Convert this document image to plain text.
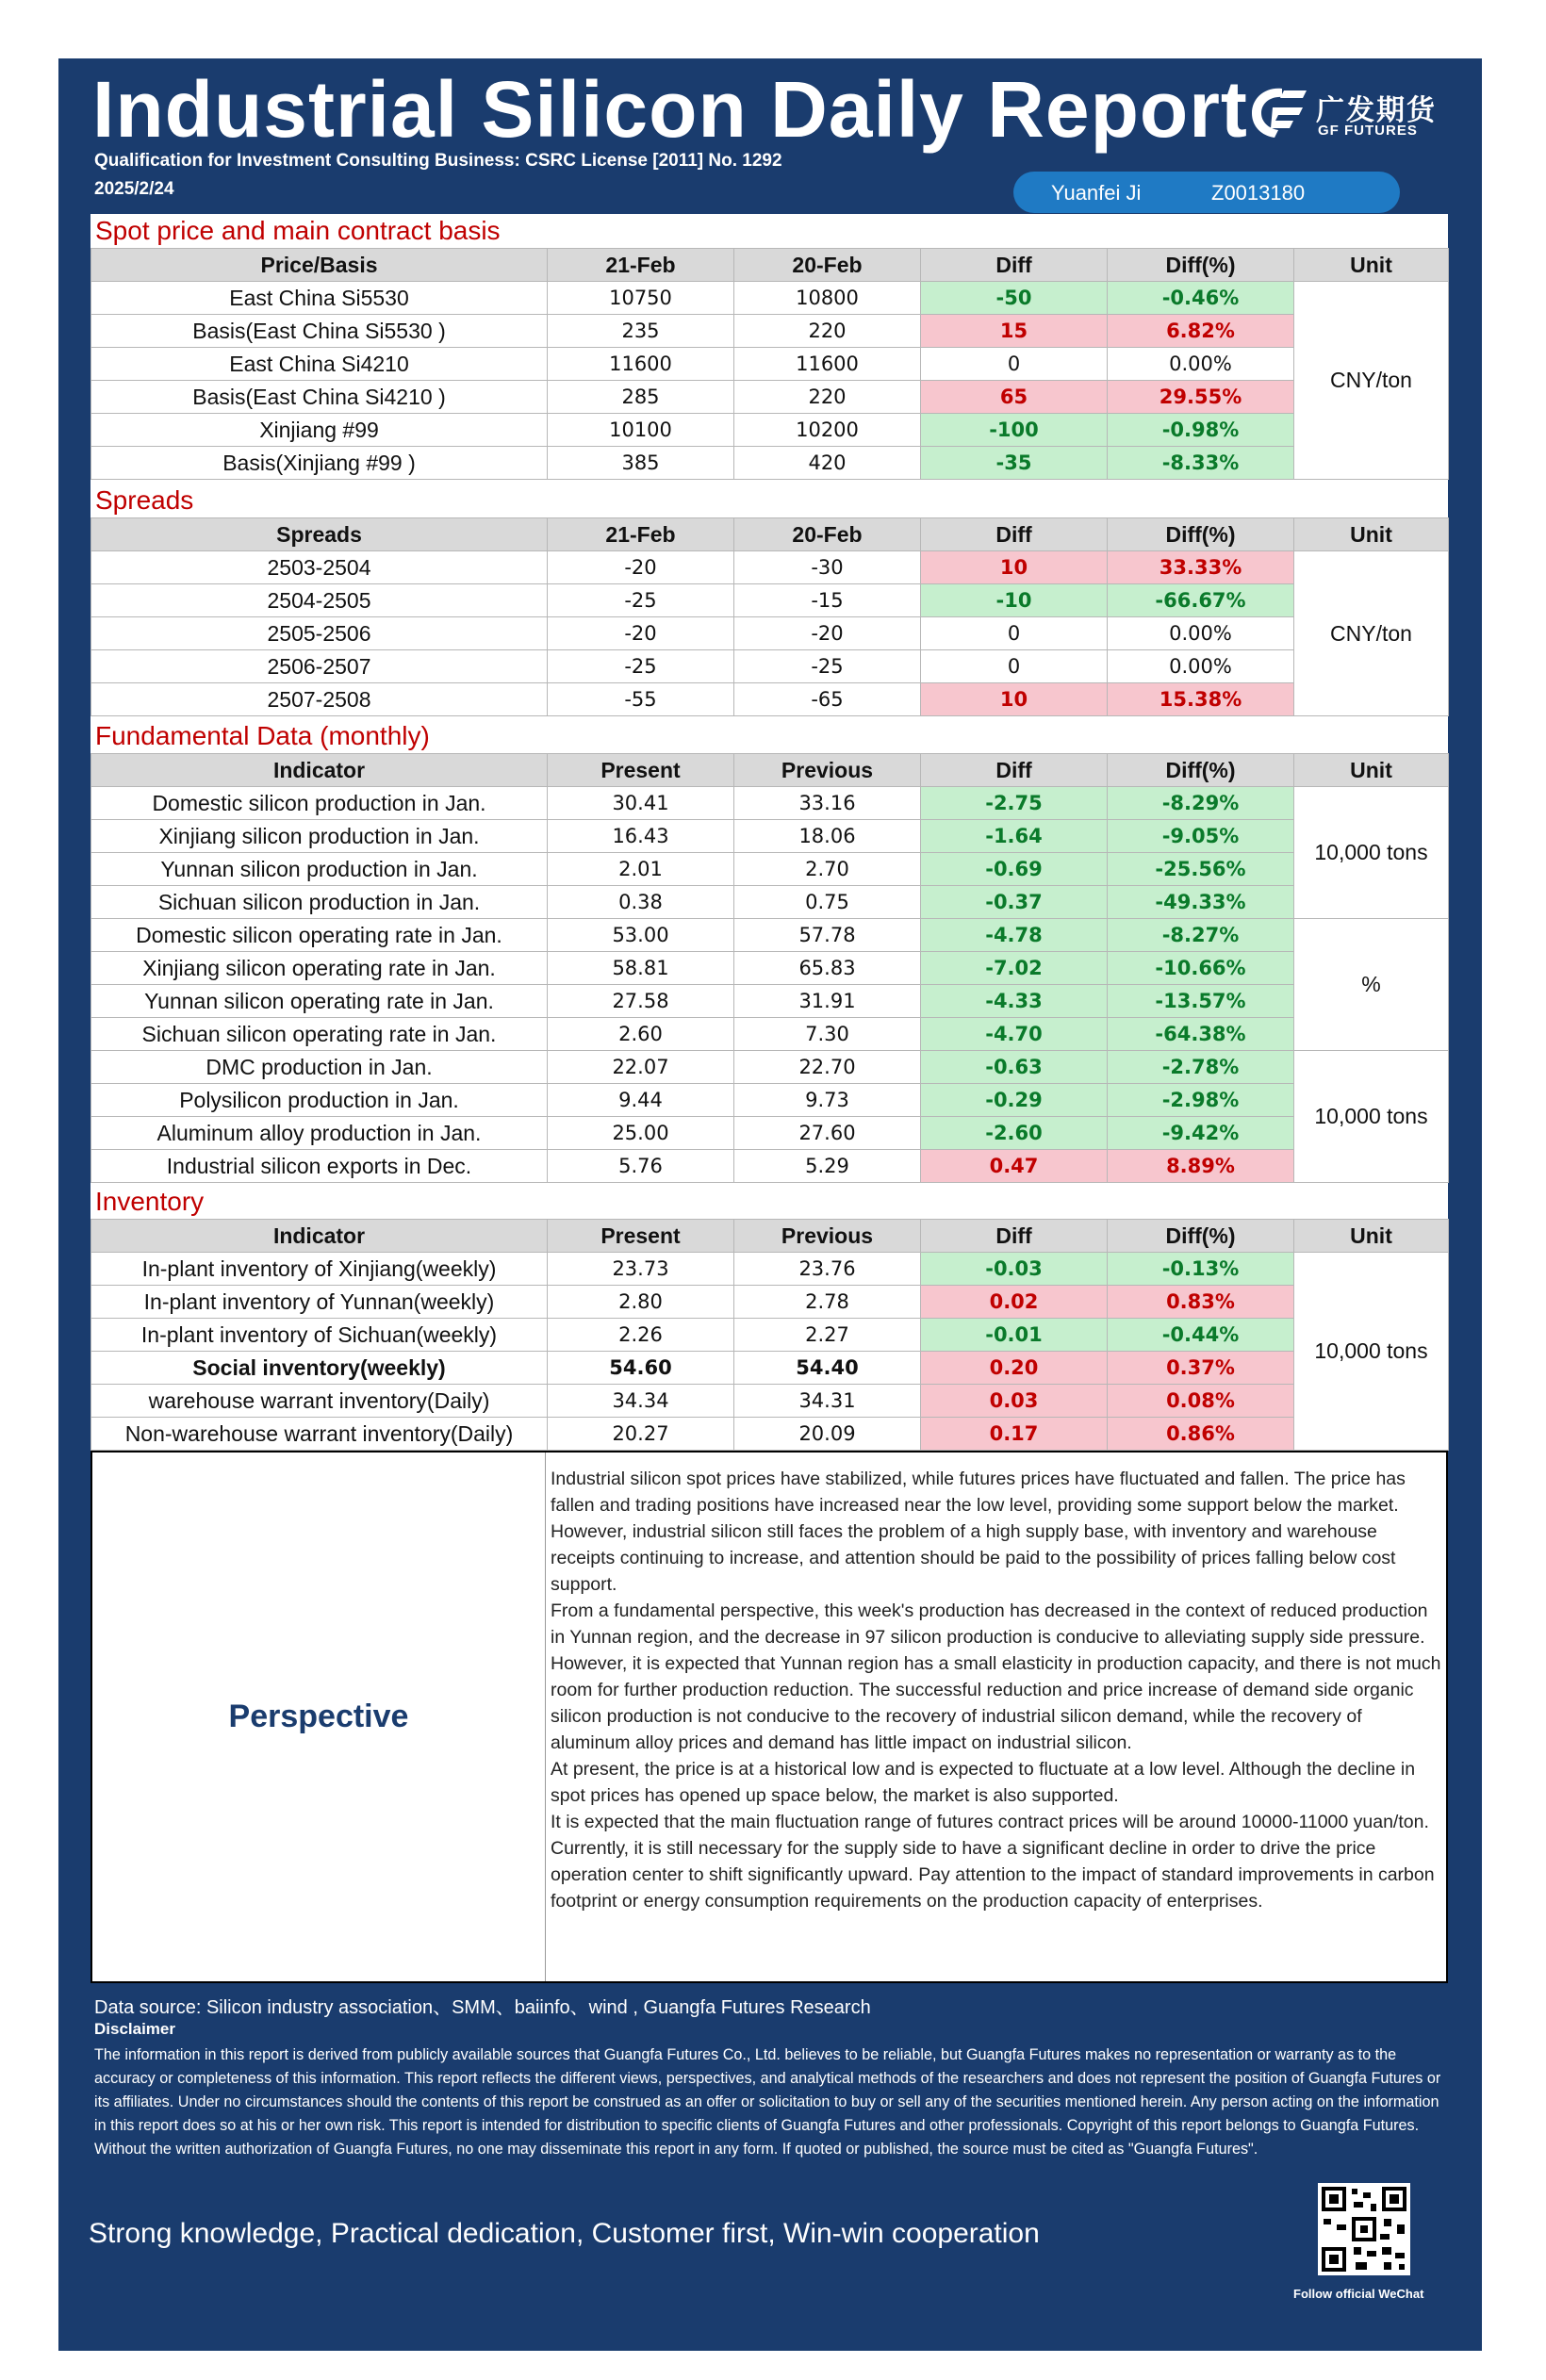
Industrial Silicon Daily Report
Qualification for Investment Consulting Business: CSRC License [2011] No. 1292
2025/2/24
广发期货
GF FUTURES
Yuanfei Ji	Z0013180
Spot price and main contract basis
Price/Basis	21-Feb	20-Feb	Diff	Diff(%)	Unit
East China Si5530	10750	10800	-50	-0.46%	CNY/ton
Basis(East China Si5530 )	235	220	15	6.82%	
East China Si4210	11600	11600	0	0.00%	
Basis(East China Si4210 )	285	220	65	29.55%	
Xinjiang #99	10100	10200	-100	-0.98%	
Basis(Xinjiang #99 )	385	420	-35	-8.33%	
Spreads
Spreads	21-Feb	20-Feb	Diff	Diff(%)	Unit
2503-2504	-20	-30	10	33.33%	CNY/ton
2504-2505	-25	-15	-10	-66.67%	
2505-2506	-20	-20	0	0.00%	
2506-2507	-25	-25	0	0.00%	
2507-2508	-55	-65	10	15.38%	
Fundamental Data (monthly)
Indicator	Present	Previous	Diff	Diff(%)	Unit
Domestic silicon production in Jan.	30.41	33.16	-2.75	-8.29%	10,000 tons
Xinjiang silicon production in Jan.	16.43	18.06	-1.64	-9.05%	
Yunnan silicon production in Jan.	2.01	2.70	-0.69	-25.56%	
Sichuan silicon production in Jan.	0.38	0.75	-0.37	-49.33%	
Domestic silicon operating rate in Jan.	53.00	57.78	-4.78	-8.27%	%
Xinjiang silicon operating rate in Jan.	58.81	65.83	-7.02	-10.66%	
Yunnan silicon operating rate in Jan.	27.58	31.91	-4.33	-13.57%	
Sichuan silicon operating rate in Jan.	2.60	7.30	-4.70	-64.38%	
DMC production in Jan.	22.07	22.70	-0.63	-2.78%	10,000 tons
Polysilicon production in Jan.	9.44	9.73	-0.29	-2.98%	
Aluminum alloy production in Jan.	25.00	27.60	-2.60	-9.42%	
Industrial silicon exports in Dec.	5.76	5.29	0.47	8.89%	
Inventory
Indicator	Present	Previous	Diff	Diff(%)	Unit
In-plant inventory of Xinjiang(weekly)	23.73	23.76	-0.03	-0.13%	10,000 tons
In-plant inventory of Yunnan(weekly)	2.80	2.78	0.02	0.83%	
In-plant inventory of Sichuan(weekly)	2.26	2.27	-0.01	-0.44%	
Social inventory(weekly)	54.60	54.40	0.20	0.37%	
warehouse warrant inventory(Daily)	34.34	34.31	0.03	0.08%	
Non-warehouse warrant inventory(Daily)	20.27	20.09	0.17	0.86%	
Perspective

Industrial silicon spot prices have stabilized, while futures prices have fluctuated and fallen. The price has fallen and trading positions have increased near the low level, providing some support below the market. However, industrial silicon still faces the problem of a high supply base, with inventory and warehouse receipts continuing to increase, and attention should be paid to the possibility of prices falling below cost support.

From a fundamental perspective, this week's production has decreased in the context of reduced production in Yunnan region, and the decrease in 97 silicon production is conducive to alleviating supply side pressure. However, it is expected that Yunnan region has a small elasticity in production capacity, and there is not much room for further production reduction. The successful reduction and price increase of demand side organic silicon production is not conducive to the recovery of industrial silicon demand, while the recovery of aluminum alloy prices and demand has little impact on industrial silicon.

At present, the price is at a historical low and is expected to fluctuate at a low level. Although the decline in spot prices has opened up space below, the market is also supported.

It is expected that the main fluctuation range of futures contract prices will be around 10000-11000 yuan/ton.

Currently, it is still necessary for the supply side to have a significant decline in order to drive the price operation center to shift significantly upward. Pay attention to the impact of standard improvements in carbon footprint or energy consumption requirements on the production capacity of enterprises.

Data source: Silicon industry association、SMM、baiinfo、wind , Guangfa Futures Research
Disclaimer
The information in this report is derived from publicly available sources that Guangfa Futures Co., Ltd. believes to be reliable, but Guangfa Futures makes no representation or warranty as to the accuracy or completeness of this information. This report reflects the different views, perspectives, and analytical methods of the researchers and does not represent the position of Guangfa Futures or its affiliates. Under no circumstances should the contents of this report be construed as an offer or solicitation to buy or sell any of the securities mentioned herein. Any person acting on the information in this report does so at his or her own risk. This report is intended for distribution to specific clients of Guangfa Futures and other professionals. Copyright of this report belongs to Guangfa Futures. Without the written authorization of Guangfa Futures, no one may disseminate this report in any form. If quoted or published, the source must be cited as "Guangfa Futures".
Strong knowledge, Practical dedication, Customer first, Win-win cooperation
Follow official WeChat
